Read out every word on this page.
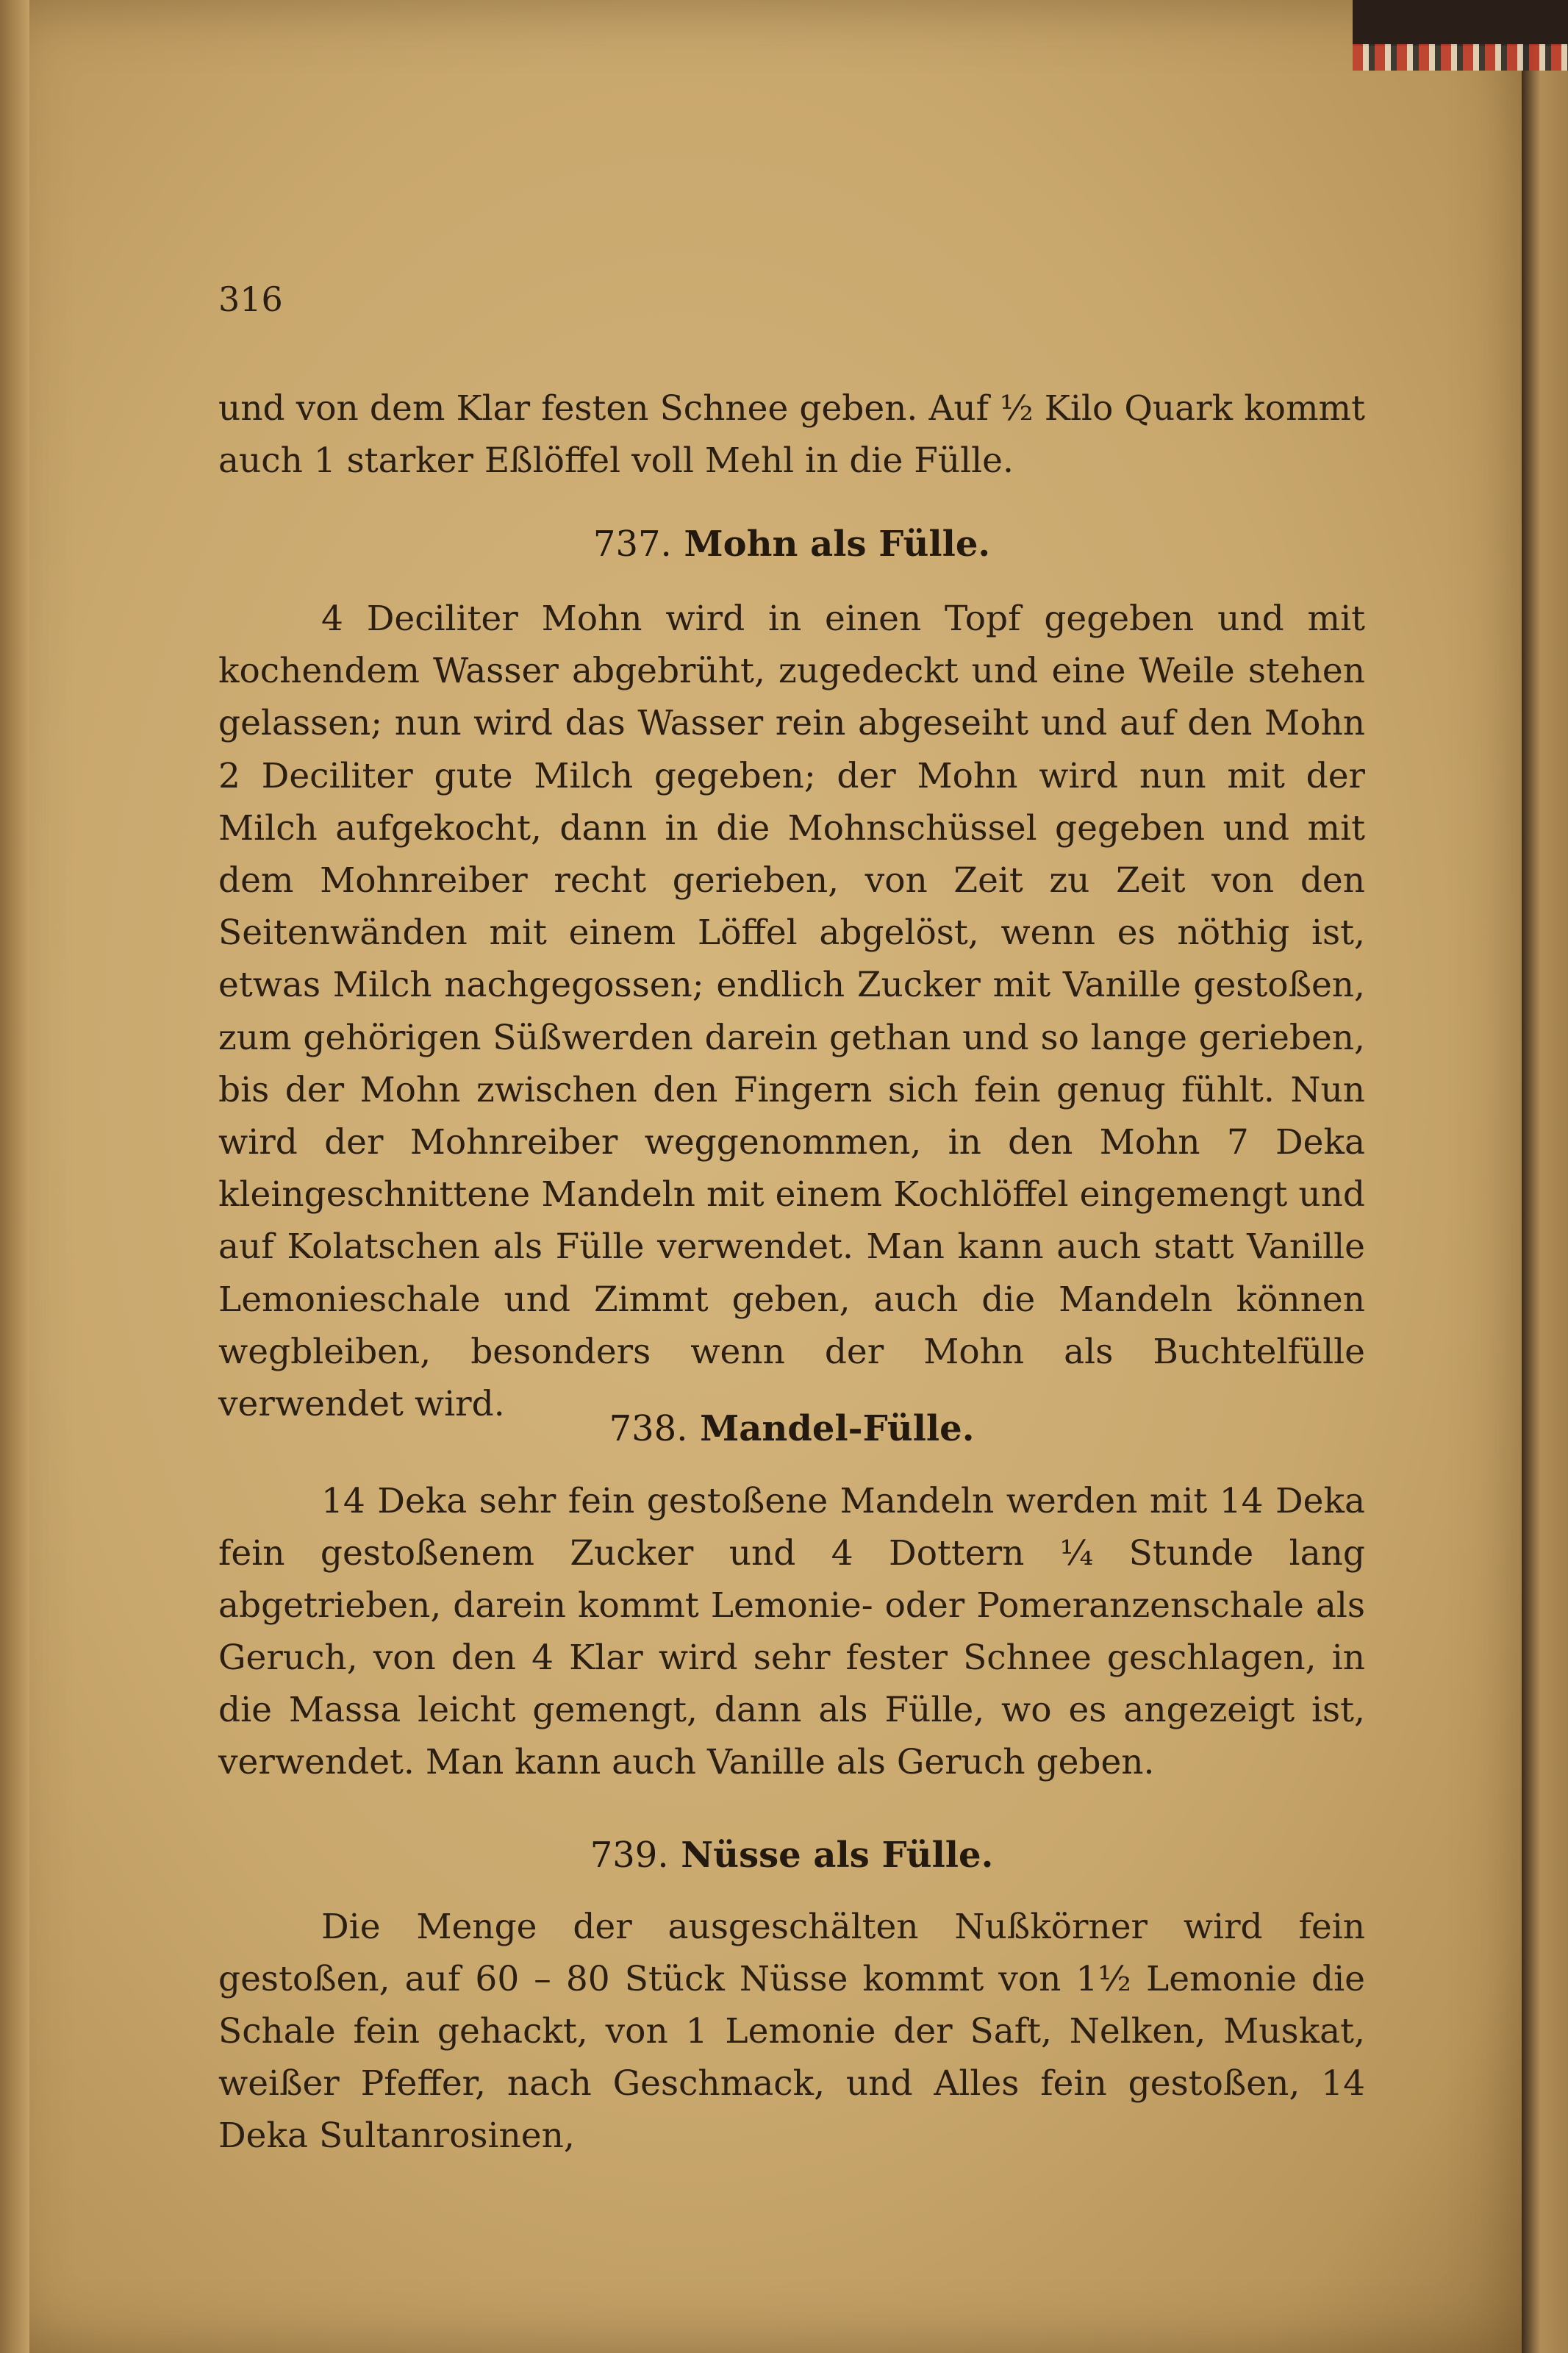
316

und von dem Klar festen Schnee geben. Auf ½ Kilo Quark kommt auch 1 starker Eßlöffel voll Mehl in die Fülle.

737. Mohn als Fülle.

4 Deciliter Mohn wird in einen Topf gegeben und mit kochendem Wasser abgebrüht, zugedeckt und eine Weile stehen gelassen; nun wird das Wasser rein abgeseiht und auf den Mohn 2 Deciliter gute Milch gegeben; der Mohn wird nun mit der Milch aufgekocht, dann in die Mohnschüssel gegeben und mit dem Mohnreiber recht gerieben, von Zeit zu Zeit von den Seitenwänden mit einem Löffel abgelöst, wenn es nöthig ist, etwas Milch nachgegossen; endlich Zucker mit Vanille gestoßen, zum gehörigen Süßwerden darein gethan und so lange gerieben, bis der Mohn zwischen den Fingern sich fein genug fühlt. Nun wird der Mohnreiber weggenommen, in den Mohn 7 Deka kleingeschnittene Mandeln mit einem Kochlöffel eingemengt und auf Kolatschen als Fülle verwendet. Man kann auch statt Vanille Lemonieschale und Zimmt geben, auch die Mandeln können wegbleiben, besonders wenn der Mohn als Buchtelfülle verwendet wird.

738. Mandel-Fülle.

14 Deka sehr fein gestoßene Mandeln werden mit 14 Deka fein gestoßenem Zucker und 4 Dottern ¼ Stunde lang abgetrieben, darein kommt Lemonie- oder Pomeranzenschale als Geruch, von den 4 Klar wird sehr fester Schnee geschlagen, in die Massa leicht gemengt, dann als Fülle, wo es angezeigt ist, verwendet. Man kann auch Vanille als Geruch geben.

739. Nüsse als Fülle.

Die Menge der ausgeschälten Nußkörner wird fein gestoßen, auf 60 – 80 Stück Nüsse kommt von 1½ Lemonie die Schale fein gehackt, von 1 Lemonie der Saft, Nelken, Muskat, weißer Pfeffer, nach Geschmack, und Alles fein gestoßen, 14 Deka Sultanrosinen,
